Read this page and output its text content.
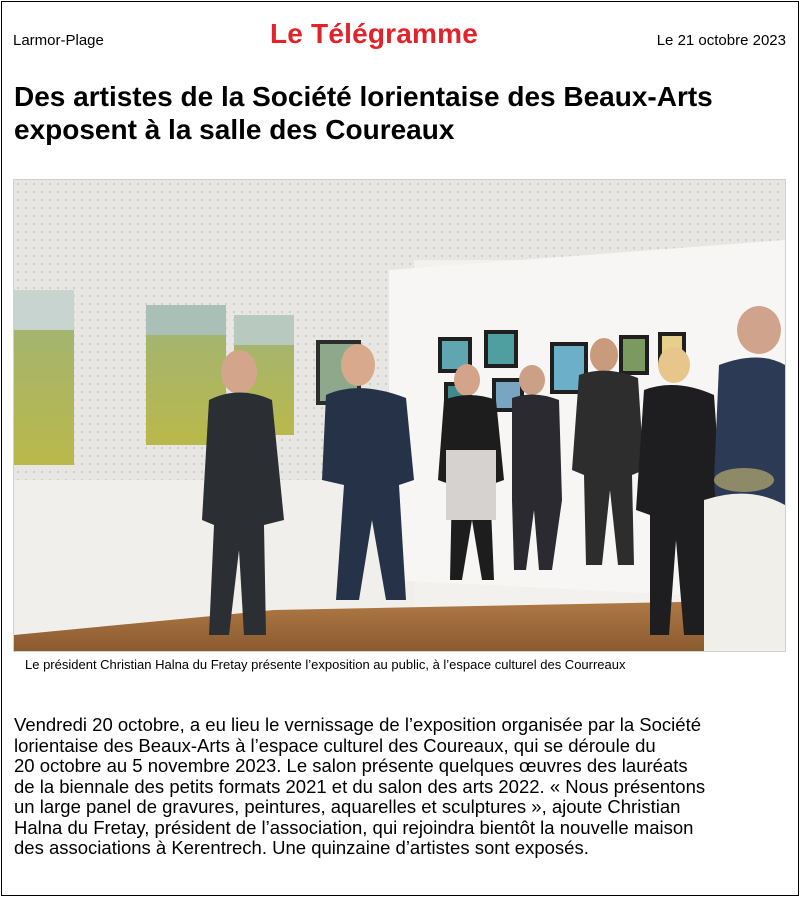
Larmor-Plage	Le Télégramme	Le 21 octobre 2023
Des artistes de la Société lorientaise des Beaux-Arts
exposent à la salle des Coureaux
Le président Christian Halna du Fretay présente l’exposition au public, à l’espace culturel des Courreaux
Vendredi 20 octobre, a eu lieu le vernissage de l’exposition organisée par la Société
lorientaise des Beaux-Arts à l’espace culturel des Coureaux, qui se déroule du
20 octobre au 5 novembre 2023. Le salon présente quelques œuvres des lauréats
de la biennale des petits formats 2021 et du salon des arts 2022. « Nous présentons
un large panel de gravures, peintures, aquarelles et sculptures », ajoute Christian
Halna du Fretay, président de l’association, qui rejoindra bientôt la nouvelle maison
des associations à Kerentrech. Une quinzaine d’artistes sont exposés.
